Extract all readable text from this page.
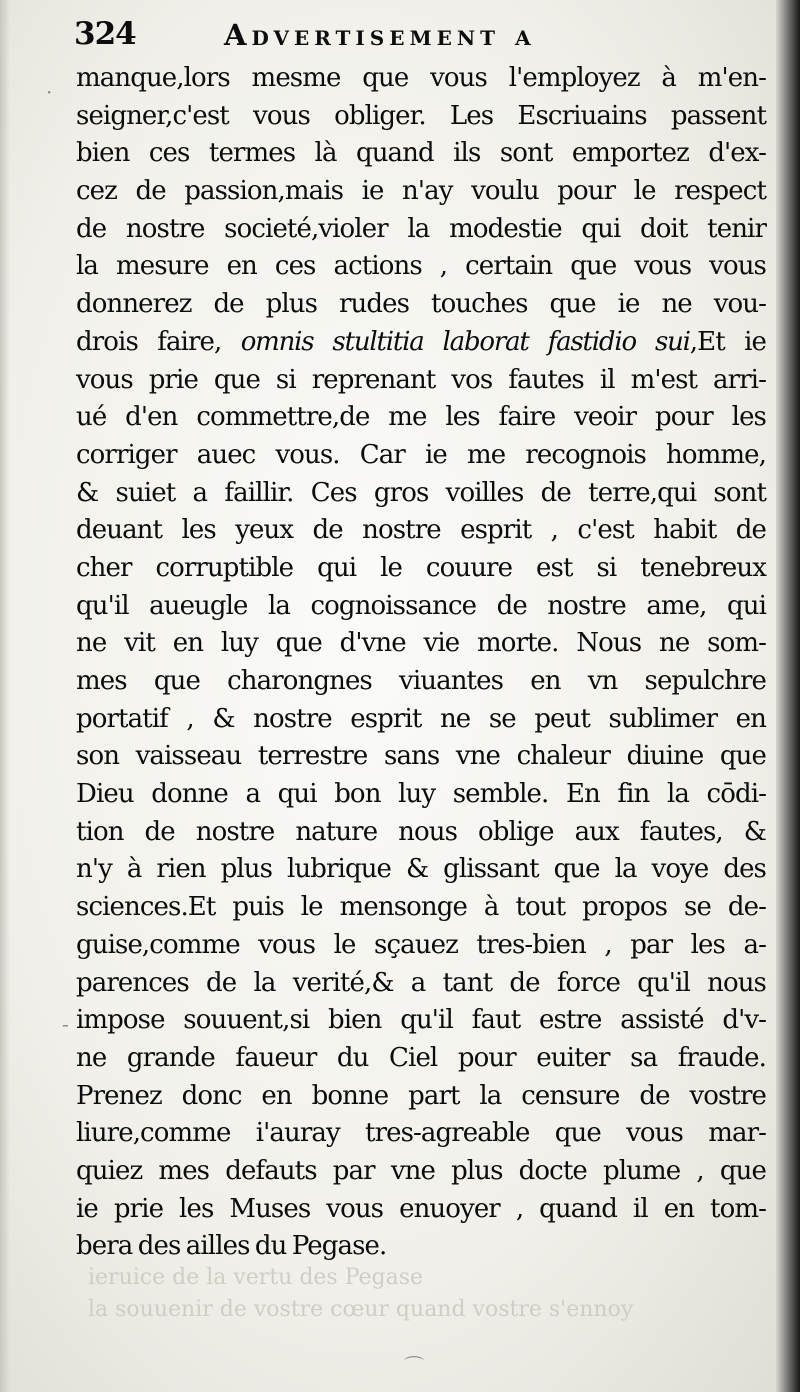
ieruice de la vertu des Pegase
la souuenir de vostre cœur quand vostre s'ennoy
324	Advertisement a
manque,lors mesme que vous l'employez à m'en-
seigner,c'est vous obliger. Les Escriuains passent
bien ces termes là quand ils sont emportez d'ex-
cez de passion,mais ie n'ay voulu pour le respect
de nostre societé,violer la modestie qui doit tenir
la mesure en ces actions , certain que vous vous
donnerez de plus rudes touches que ie ne vou-
drois faire, omnis stultitia laborat fastidio sui,Et ie
vous prie que si reprenant vos fautes il m'est arri-
ué d'en commettre,de me les faire veoir pour les
corriger auec vous. Car ie me recognois homme,
& suiet a faillir. Ces gros voilles de terre,qui sont
deuant les yeux de nostre esprit , c'est habit de
cher corruptible qui le couure est si tenebreux
qu'il aueugle la cognoissance de nostre ame, qui
ne vit en luy que d'vne vie morte. Nous ne som-
mes que charongnes viuantes en vn sepulchre
portatif , & nostre esprit ne se peut sublimer en
son vaisseau terrestre sans vne chaleur diuine que
Dieu donne a qui bon luy semble. En fin la cōdi-
tion de nostre nature nous oblige aux fautes, &
n'y à rien plus lubrique & glissant que la voye des
sciences.Et puis le mensonge à tout propos se de-
guise,comme vous le sçauez tres-bien , par les a-
parences de la verité,& a tant de force qu'il nous
impose souuent,si bien qu'il faut estre assisté d'v-
ne grande faueur du Ciel pour euiter sa fraude.
Prenez donc en bonne part la censure de vostre
liure,comme i'auray tres-agreable que vous mar-
quiez mes defauts par vne plus docte plume , que
ie prie les Muses vous enuoyer , quand il en tom-
bera des ailles du Pegase.
·
-
⌒
